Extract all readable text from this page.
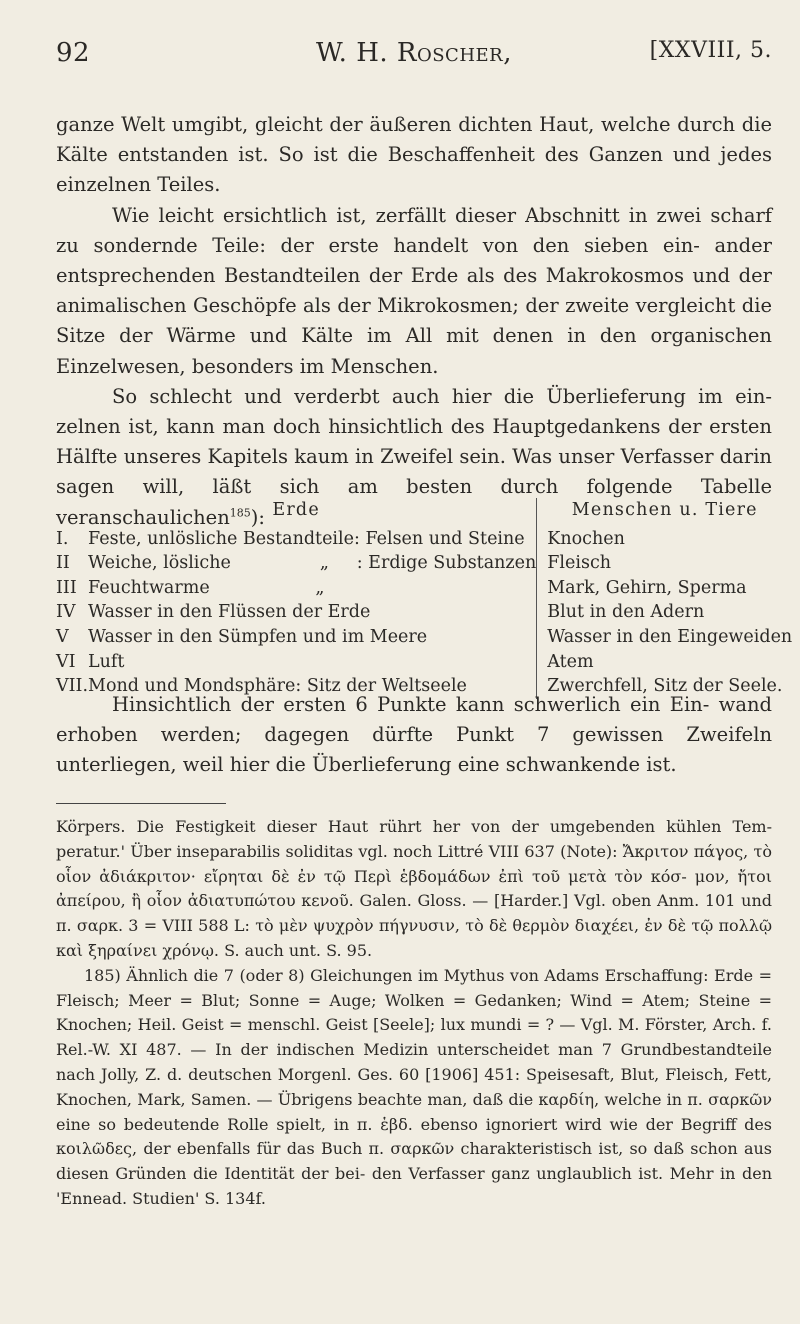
92	W. H. Roscher,	[XXVIII, 5.

ganze Welt umgibt, gleicht der äußeren dichten Haut, welche durch die Kälte entstanden ist. So ist die Beschaffenheit des Ganzen und jedes einzelnen Teiles.

Wie leicht ersichtlich ist, zerfällt dieser Abschnitt in zwei scharf zu sondernde Teile: der erste handelt von den sieben ein- ander entsprechenden Bestandteilen der Erde als des Makrokosmos und der animalischen Geschöpfe als der Mikrokosmen; der zweite vergleicht die Sitze der Wärme und Kälte im All mit denen in den organischen Einzelwesen, besonders im Menschen.

So schlecht und verderbt auch hier die Überlieferung im ein- zelnen ist, kann man doch hinsichtlich des Hauptgedankens der ersten Hälfte unseres Kapitels kaum in Zweifel sein. Was unser Verfasser darin sagen will, läßt sich am besten durch folgende Tabelle veranschaulichen$^{185}$): Erde		Menschen u. Tiere
I.	Feste, unlösliche Bestandteile: Felsen und Steine	Knochen
II	Weiche, lösliche                „     : Erdige Substanzen	Fleisch
III	Feuchtwarme                   „	Mark, Gehirn, Sperma
IV	Wasser in den Flüssen der Erde	Blut in den Adern
V	Wasser in den Sümpfen und im Meere	Wasser in den Eingeweiden
VI	Luft	Atem
VII.	Mond und Mondsphäre: Sitz der Weltseele	Zwerchfell, Sitz der Seele.

Hinsichtlich der ersten 6 Punkte kann schwerlich ein Ein- wand erhoben werden; dagegen dürfte Punkt 7 gewissen Zweifeln unterliegen, weil hier die Überlieferung eine schwankende ist.

Körpers. Die Festigkeit dieser Haut rührt her von der umgebenden kühlen Tem- peratur.' Über inseparabilis soliditas vgl. noch Littré VIII 637 (Note): Ἄκριτον πάγος, τὸ οἷον ἀδιάκριτον· εἴρηται δὲ ἐν τῷ Περὶ ἑβδομάδων ἐπὶ τοῦ μετὰ τὸν κόσ- μον, ἤτοι ἀπείρου, ἢ οἷον ἀδιατυπώτου κενοῦ. Galen. Gloss. — [Harder.] Vgl. oben Anm. 101 und π. σαρκ. 3 = VIII 588 L: τὸ μὲν ψυχρὸν πήγνυσιν, τὸ δὲ θερμὸν διαχέει, ἐν δὲ τῷ πολλῷ καὶ ξηραίνει χρόνῳ. S. auch unt. S. 95.

185) Ähnlich die 7 (oder 8) Gleichungen im Mythus von Adams Erschaffung: Erde = Fleisch; Meer = Blut; Sonne = Auge; Wolken = Gedanken; Wind = Atem; Steine = Knochen; Heil. Geist = menschl. Geist [Seele]; lux mundi = ? — Vgl. M. Förster, Arch. f. Rel.-W. XI 487. — In der indischen Medizin unterscheidet man 7 Grundbestandteile nach Jolly, Z. d. deutschen Morgenl. Ges. 60 [1906] 451: Speisesaft, Blut, Fleisch, Fett, Knochen, Mark, Samen. — Übrigens beachte man, daß die καρδίη, welche in π. σαρκῶν eine so bedeutende Rolle spielt, in π. ἑβδ. ebenso ignoriert wird wie der Begriff des κοιλῶδες, der ebenfalls für das Buch π. σαρκῶν charakteristisch ist, so daß schon aus diesen Gründen die Identität der bei- den Verfasser ganz unglaublich ist. Mehr in den 'Ennead. Studien' S. 134f.
